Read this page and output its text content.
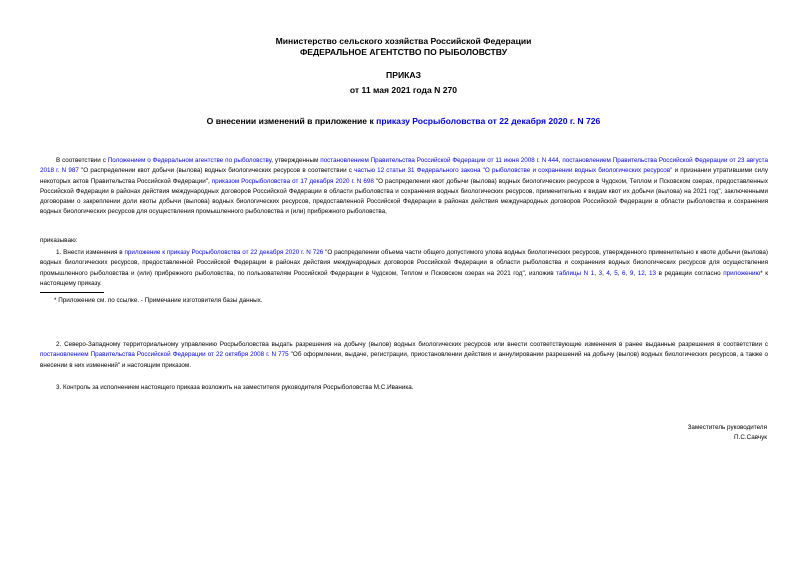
Министерство сельского хозяйства Российской Федерации
ФЕДЕРАЛЬНОЕ АГЕНТСТВО ПО РЫБОЛОВСТВУ
ПРИКАЗ
от 11 мая 2021 года N 270
О внесении изменений в приложение к приказу Росрыболовства от 22 декабря 2020 г. N 726
В соответствии с Положением о Федеральном агентстве по рыболовству, утвержденным постановлением Правительства Российской Федерации от 11 июня 2008 г. N 444, постановлением Правительства Российской Федерации от 23 августа 2018 г. N 987 "О распределении квот добычи (вылова) водных биологических ресурсов в соответствии с частью 12 статьи 31 Федерального закона "О рыболовстве и сохранении водных биологических ресурсов" и признании утратившими силу некоторых актов Правительства Российской Федерации", приказом Росрыболовства от 17 декабря 2020 г. N 698 "О распределении квот добычи (вылова) водных биологических ресурсов в Чудском, Теплом и Псковском озерах, предоставленных Российской Федерации в районах действия международных договоров Российской Федерации в области рыболовства и сохранения водных биологических ресурсов, применительно к видам квот их добычи (вылова) на 2021 год", заключенными договорами о закреплении доли квоты добычи (вылова) водных биологических ресурсов, предоставленной Российской Федерации в районах действия международных договоров Российской Федерации в области рыболовства и сохранения водных биологических ресурсов для осуществления промышленного рыболовства и (или) прибрежного рыболовства,
приказываю:
1. Внести изменения в приложение к приказу Росрыболовства от 22 декабря 2020 г. N 726 "О распределении объема части общего допустимого улова водных биологических ресурсов, утвержденного применительно к квоте добычи (вылова) водных биологических ресурсов, предоставленной Российской Федерации в районах действия международных договоров Российской Федерации в области рыболовства и сохранения водных биологических ресурсов для осуществления промышленного рыболовства и (или) прибрежного рыболовства, по пользователям Российской Федерации в Чудском, Теплом и Псковском озерах на 2021 год", изложив таблицы N 1, 3, 4, 5, 6, 9, 12, 13 в редакции согласно приложению* к настоящему приказу.
* Приложение см. по ссылке. - Примечание изготовителя базы данных.
2. Северо-Западному территориальному управлению Росрыболовства выдать разрешения на добычу (вылов) водных биологических ресурсов или внести соответствующие изменения в ранее выданные разрешения в соответствии с постановлением Правительства Российской Федерации от 22 октября 2008 г. N 775 "Об оформлении, выдаче, регистрации, приостановлении действия и аннулировании разрешений на добычу (вылов) водных биологических ресурсов, а также о внесении в них изменений" и настоящим приказом.
3. Контроль за исполнением настоящего приказа возложить на заместителя руководителя Росрыболовства М.С.Иваника.
Заместитель руководителя
П.С.Савчук
